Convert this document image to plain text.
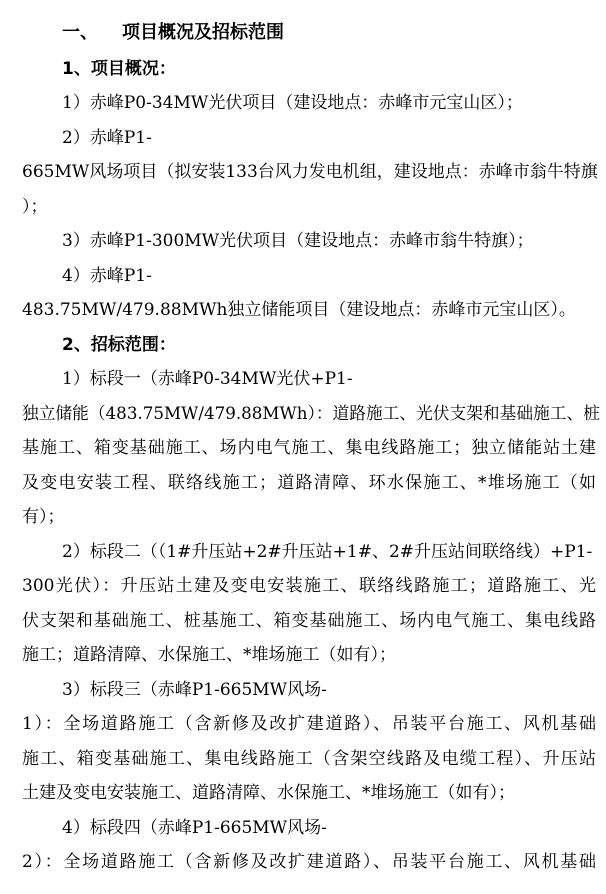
一、 项目概况及招标范围
1、项目概况：
1）赤峰P0-34MW光伏项目（建设地点：赤峰市元宝山区）；
2）赤峰P1-
665MW风场项目（拟安装133台风力发电机组，建设地点：赤峰市翁牛特旗
）；
3）赤峰P1-300MW光伏项目（建设地点：赤峰市翁牛特旗）；
4）赤峰P1-
483.75MW/479.88MWh独立储能项目（建设地点：赤峰市元宝山区）。
2、招标范围：
1）标段一（赤峰P0-34MW光伏+P1-
独立储能（483.75MW/479.88MWh）：道路施工、光伏支架和基础施工、桩
基施工、箱变基础施工、场内电气施工、集电线路施工；独立储能站土建
及变电安装工程、联络线施工；道路清障、环水保施工、*堆场施工（如
有）；
2）标段二（（1#升压站+2#升压站+1#、2#升压站间联络线）+P1-
300光伏）：升压站土建及变电安装施工、联络线路施工；道路施工、光
伏支架和基础施工、桩基施工、箱变基础施工、场内电气施工、集电线路
施工；道路清障、水保施工、*堆场施工（如有）；
3）标段三（赤峰P1-665MW风场-
1）：全场道路施工（含新修及改扩建道路）、吊装平台施工、风机基础
施工、箱变基础施工、集电线路施工（含架空线路及电缆工程）、升压站
土建及变电安装施工、道路清障、水保施工、*堆场施工（如有）；
4）标段四（赤峰P1-665MW风场-
2）：全场道路施工（含新修及改扩建道路）、吊装平台施工、风机基础
